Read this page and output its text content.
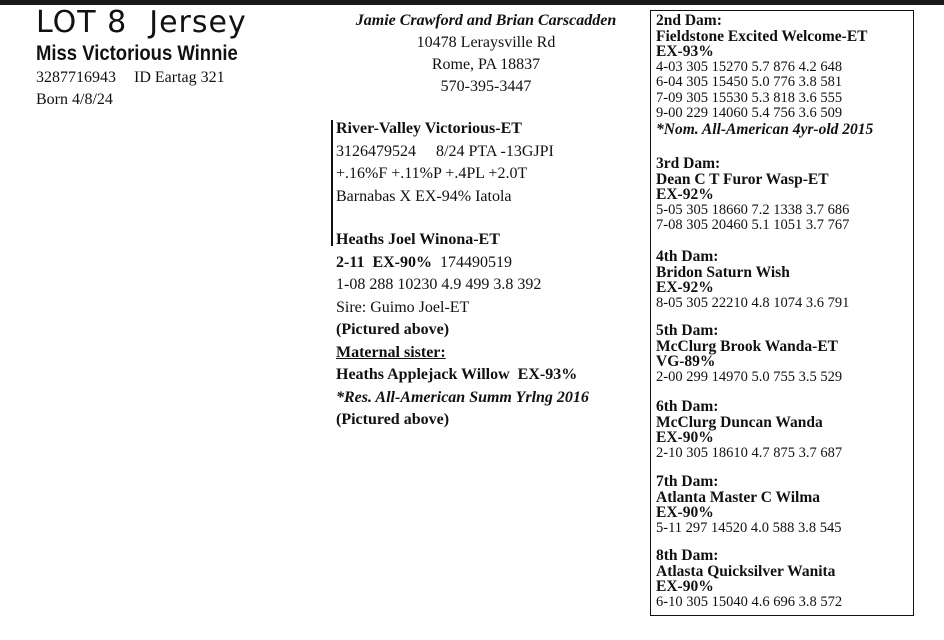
LOT 8 Jersey
Miss Victorious Winnie
3287716943 ID Eartag 321
Born 4/8/24
Jamie Crawford and Brian Carscadden
10478 Leraysville Rd
Rome, PA 18837
570-395-3447
River-Valley Victorious-ET
3126479524     8/24 PTA -13GJPI
+.16%F +.11%P +.4PL +2.0T
Barnabas X EX-94% Iatola
Heaths Joel Winona-ET
2-11  EX-90% 174490519
1-08 288 10230 4.9 499 3.8 392
Sire: Guimo Joel-ET
(Pictured above)
Maternal sister:
Heaths Applejack Willow  EX-93%
*Res. All-American Summ Yrlng 2016
(Pictured above)
2nd Dam:
Fieldstone Excited Welcome-ET
EX-93%
4-03 305 15270 5.7 876 4.2 648
6-04 305 15450 5.0 776 3.8 581
7-09 305 15530 5.3 818 3.6 555
9-00 229 14060 5.4 756 3.6 509
*Nom. All-American 4yr-old 2015
3rd Dam:
Dean C T Furor Wasp-ET
EX-92%
5-05 305 18660 7.2 1338 3.7 686
7-08 305 20460 5.1 1051 3.7 767
4th Dam:
Bridon Saturn Wish
EX-92%
8-05 305 22210 4.8 1074 3.6 791
5th Dam:
McClurg Brook Wanda-ET
VG-89%
2-00 299 14970 5.0 755 3.5 529
6th Dam:
McClurg Duncan Wanda
EX-90%
2-10 305 18610 4.7 875 3.7 687
7th Dam:
Atlanta Master C Wilma
EX-90%
5-11 297 14520 4.0 588 3.8 545
8th Dam:
Atlasta Quicksilver Wanita
EX-90%
6-10 305 15040 4.6 696 3.8 572
